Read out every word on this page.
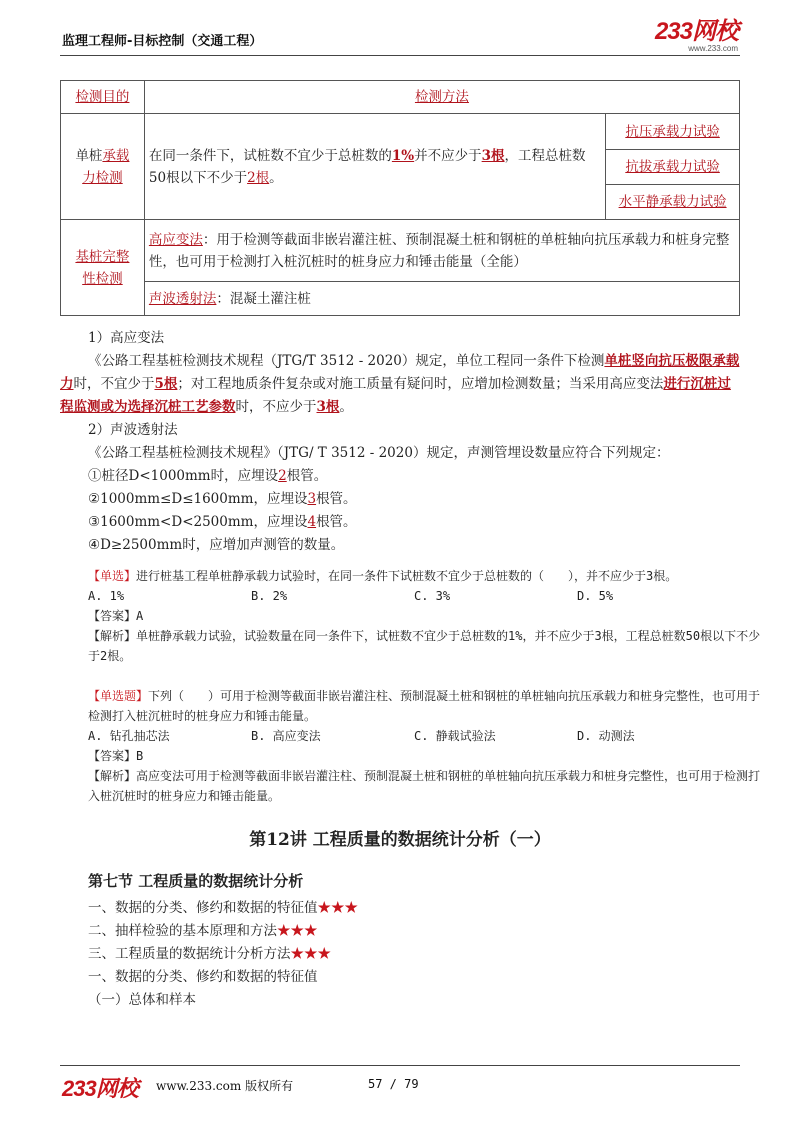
监理工程师-目标控制（交通工程）	233网校
www.233.com
检测目的	检测方法	
单桩承载
力检测	在同一条件下，试桩数不宜少于总桩数的1%并不应少于3根，工程总桩数50根以下不少于2根。	抗压承载力试验
		抗拔承载力试验
		水平静承载力试验
基桩完整
性检测	高应变法：用于检测等截面非嵌岩灌注桩、预制混凝土桩和钢桩的单桩轴向抗压承载力和桩身完整性，也可用于检测打入桩沉桩时的桩身应力和锤击能量（全能）	
	声波透射法：混凝土灌注桩	
1）高应变法
《公路工程基桩检测技术规程（JTG/T 3512 - 2020）规定，单位工程同一条件下检测单桩竖向抗压极限承载力时，不宜少于5根；对工程地质条件复杂或对施工质量有疑问时，应增加检测数量；当采用高应变法进行沉桩过程监测或为选择沉桩工艺参数时，不应少于3根。
2）声波透射法
《公路工程基桩检测技术规程》（JTG/ T 3512 - 2020）规定，声测管埋设数量应符合下列规定：
①桩径D<1000mm时，应埋设2根管。
②1000mm≤D≤1600mm，应埋设3根管。
③1600mm<D<2500mm，应埋设4根管。
④D≥2500mm时，应增加声测管的数量。
【单选】进行桩基工程单桩静承载力试验时，在同一条件下试桩数不宜少于总桩数的（　　），并不应少于3根。
A. 1%	B. 2%	C. 3%	D. 5%
【答案】A
【解析】单桩静承载力试验，试验数量在同一条件下，试桩数不宜少于总桩数的1%，并不应少于3根，工程总桩数50根以下不少于2根。
【单选题】下列（　　）可用于检测等截面非嵌岩灌注柱、预制混凝土桩和钢桩的单桩轴向抗压承载力和桩身完整性，也可用于检测打入桩沉桩时的桩身应力和锤击能量。
A. 钻孔抽芯法	B. 高应变法	C. 静载试验法	D. 动测法
【答案】B
【解析】高应变法可用于检测等截面非嵌岩灌注柱、预制混凝土桩和钢桩的单桩轴向抗压承载力和桩身完整性，也可用于检测打入桩沉桩时的桩身应力和锤击能量。
第12讲 工程质量的数据统计分析（一）
第七节 工程质量的数据统计分析
一、数据的分类、修约和数据的特征值★★★
二、抽样检验的基本原理和方法★★★
三、工程质量的数据统计分析方法★★★
一、数据的分类、修约和数据的特征值
（一）总体和样本
233网校 www.233.com 版权所有	57 / 79
